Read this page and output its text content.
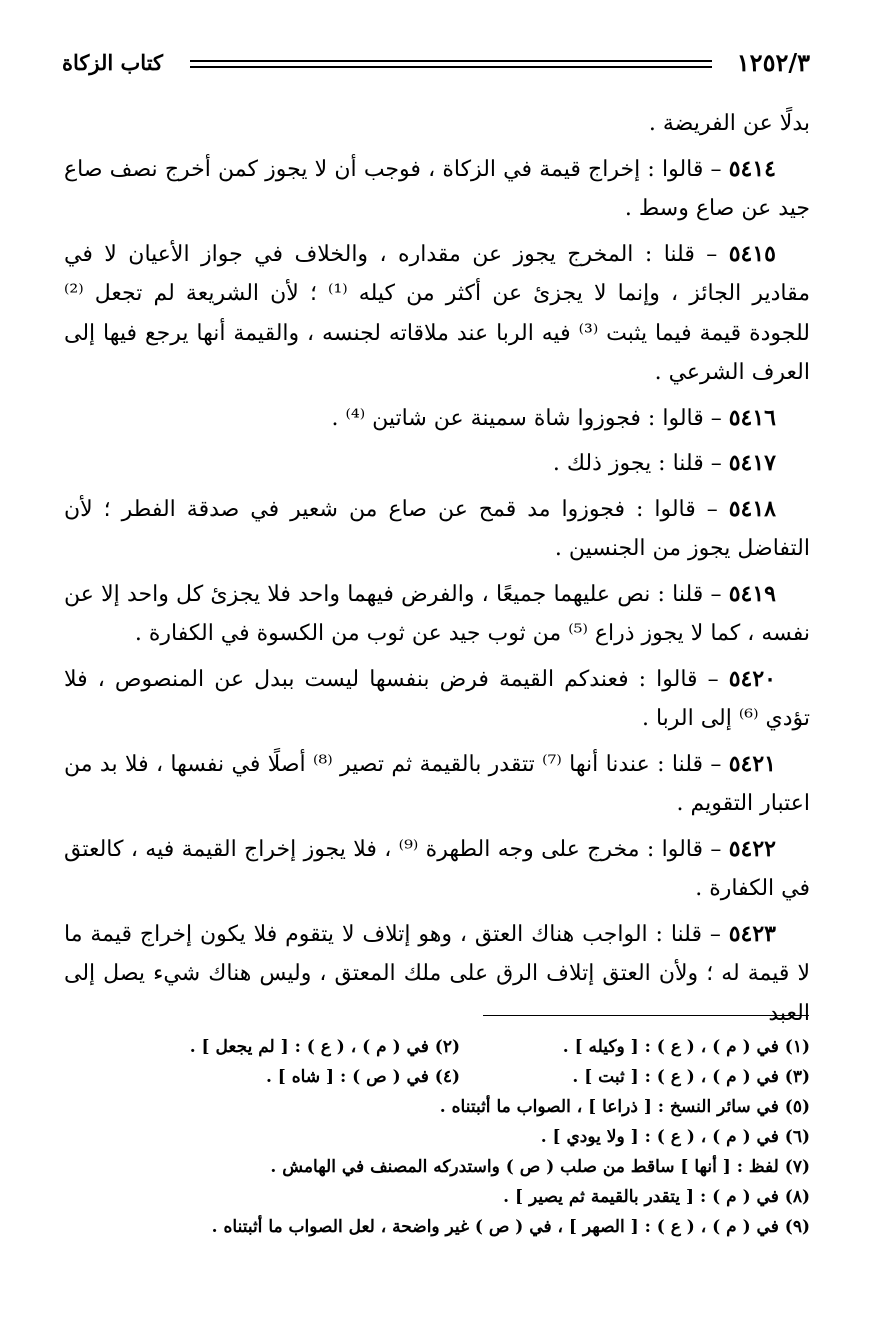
١٢٥٢/٣
كتاب الزكاة

بدلًا عن الفريضة .

٥٤١٤ – قالوا : إخراج قيمة في الزكاة ، فوجب أن لا يجوز كمن أخرج نصف صاع جيد عن صاع وسط .

٥٤١٥ – قلنا : المخرج يجوز عن مقداره ، والخلاف في جواز الأعيان لا في مقادير الجائز ، وإنما لا يجزئ عن أكثر من كيله ⁽¹⁾ ؛ لأن الشريعة لم تجعل ⁽²⁾ للجودة قيمة فيما يثبت ⁽³⁾ فيه الربا عند ملاقاته لجنسه ، والقيمة أنها يرجع فيها إلى العرف الشرعي .

٥٤١٦ – قالوا : فجوزوا شاة سمينة عن شاتين ⁽⁴⁾ .

٥٤١٧ – قلنا : يجوز ذلك .

٥٤١٨ – قالوا : فجوزوا مد قمح عن صاع من شعير في صدقة الفطر ؛ لأن التفاضل يجوز من الجنسين .

٥٤١٩ – قلنا : نص عليهما جميعًا ، والفرض فيهما واحد فلا يجزئ كل واحد إلا عن نفسه ، كما لا يجوز ذراع ⁽⁵⁾ من ثوب جيد عن ثوب من الكسوة في الكفارة .

٥٤٢٠ – قالوا : فعندكم القيمة فرض بنفسها ليست ببدل عن المنصوص ، فلا تؤدي ⁽⁶⁾ إلى الربا .

٥٤٢١ – قلنا : عندنا أنها ⁽⁷⁾ تتقدر بالقيمة ثم تصير ⁽⁸⁾ أصلًا في نفسها ، فلا بد من اعتبار التقويم .

٥٤٢٢ – قالوا : مخرج على وجه الطهرة ⁽⁹⁾ ، فلا يجوز إخراج القيمة فيه ، كالعتق في الكفارة .

٥٤٢٣ – قلنا : الواجب هناك العتق ، وهو إتلاف لا يتقوم فلا يكون إخراج قيمة ما لا قيمة له ؛ ولأن العتق إتلاف الرق على ملك المعتق ، وليس هناك شيء يصل إلى العبد

(١) في ( م ) ، ( ع ) : [ وكيله ] .
(٢) في ( م ) ، ( ع ) : [ لم يجعل ] .
(٣) في ( م ) ، ( ع ) : [ ثبت ] .
(٤) في ( ص ) : [ شاه ] .
(٥) في سائر النسخ : [ ذراعا ] ، الصواب ما أثبتناه .
(٦) في ( م ) ، ( ع ) : [ ولا يودي ] .
(٧) لفظ : [ أنها ] ساقط من صلب ( ص ) واستدركه المصنف في الهامش .
(٨) في ( م ) : [ يتقدر بالقيمة ثم يصير ] .
(٩) في ( م ) ، ( ع ) : [ الصهر ] ، في ( ص ) غير واضحة ، لعل الصواب ما أثبتناه .
